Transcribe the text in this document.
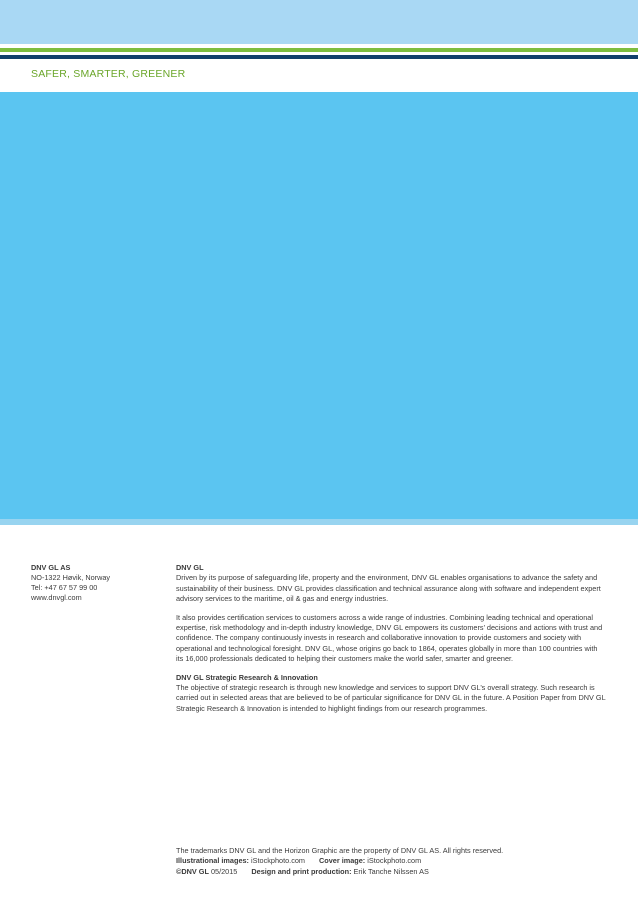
SAFER, SMARTER, GREENER
DNV GL AS
NO-1322 Høvik, Norway
Tel: +47 67 57 99 00
www.dnvgl.com

DNV GL

Driven by its purpose of safeguarding life, property and the environment, DNV GL enables organisations to advance the safety and sustainability of their business. DNV GL provides classification and technical assurance along with software and independent expert advisory services to the maritime, oil & gas and energy industries.

It also provides certification services to customers across a wide range of industries. Combining leading technical and operational expertise, risk methodology and in-depth industry knowledge, DNV GL empowers its customers’ decisions and actions with trust and confidence. The company continuously invests in research and collaborative innovation to provide customers and society with operational and technological foresight. DNV GL, whose origins go back to 1864, operates globally in more than 100 countries with its 16,000 professionals dedicated to helping their customers make the world safer, smarter and greener.

DNV GL Strategic Research & Innovation

The objective of strategic research is through new knowledge and services to support DNV GL’s overall strategy. Such research is carried out in selected areas that are believed to be of particular significance for DNV GL in the future. A Position Paper from DNV GL Strategic Research & Innovation is intended to highlight findings from our research programmes.

The trademarks DNV GL and the Horizon Graphic are the property of DNV GL AS. All rights reserved.
Illustrational images: iStockphoto.com Cover image: iStockphoto.com
©DNV GL 05/2015 Design and print production: Erik Tanche Nilssen AS
